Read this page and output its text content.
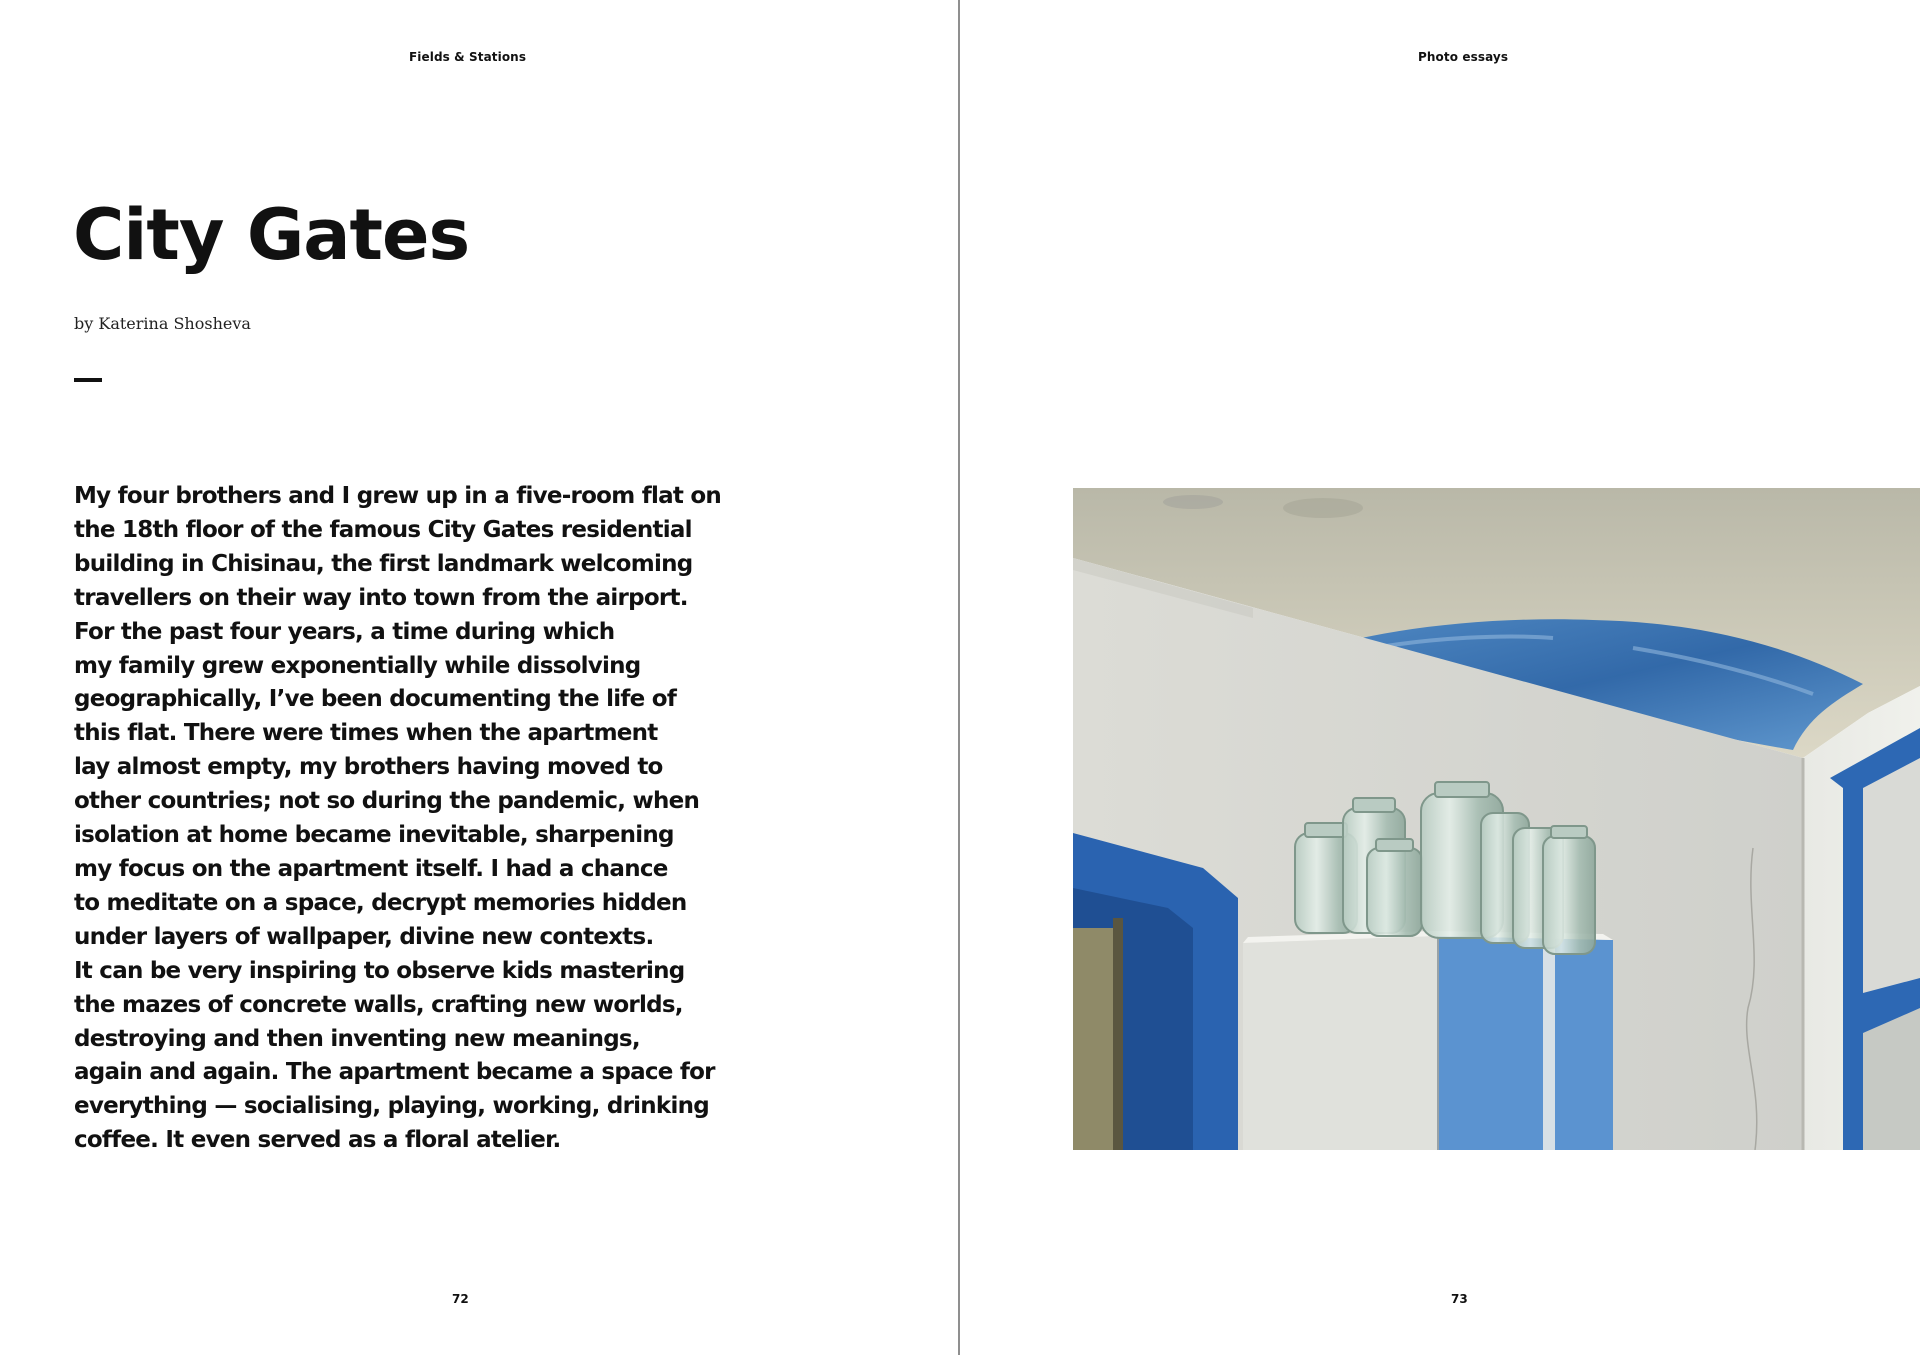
Fields & Stations
City Gates
by Katerina Shosheva

My four brothers and I grew up in a five-room flat on
the 18th floor of the famous City Gates residential
building in Chisinau, the first landmark welcoming
travellers on their way into town from the airport.
For the past four years, a time during which
my family grew exponentially while dissolving
geographically, I’ve been documenting the life of
this flat. There were times when the apartment
lay almost empty, my brothers having moved to
other countries; not so during the pandemic, when
isolation at home became inevitable, sharpening
my focus on the apartment itself. I had a chance
to meditate on a space, decrypt memories hidden
under layers of wallpaper, divine new contexts.
It can be very inspiring to observe kids mastering
the mazes of concrete walls, crafting new worlds,
destroying and then inventing new meanings,
again and again. The apartment became a space for
everything — socialising, playing, working, drinking
coffee. It even served as a floral atelier.

72
Photo essays
73
